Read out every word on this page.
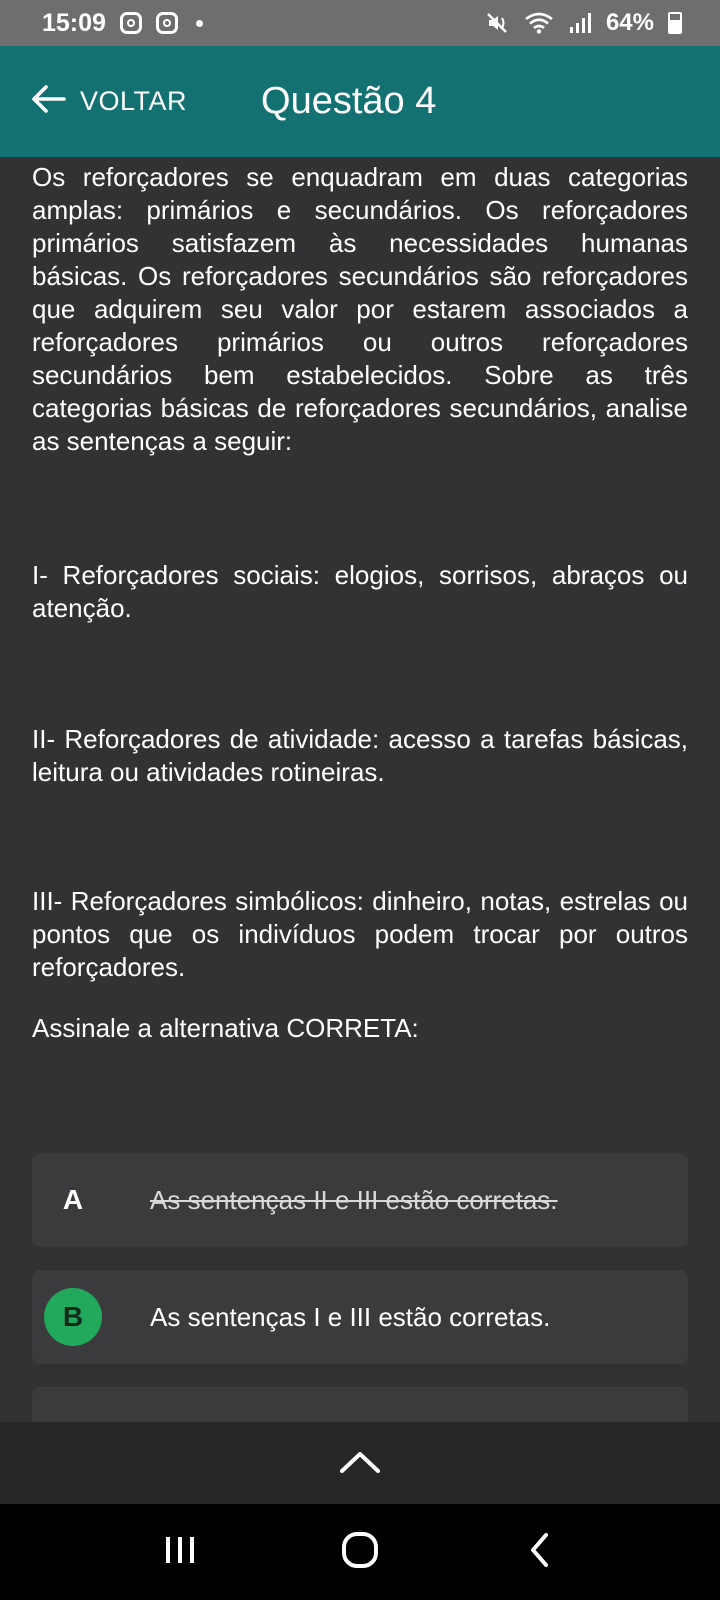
15:09	64%
VOLTAR Questão 4

Os reforçadores se enquadram em duas categorias amplas: primários e secundários. Os reforçadores primários satisfazem às necessidades humanas básicas. Os reforçadores secundários são reforçadores que adquirem seu valor por estarem associados a reforçadores primários ou outros reforçadores secundários bem estabelecidos. Sobre as três categorias básicas de reforçadores secundários, analise as sentenças a seguir:

I- Reforçadores sociais: elogios, sorrisos, abraços ou atenção.

II- Reforçadores de atividade: acesso a tarefas básicas, leitura ou atividades rotineiras.

III- Reforçadores simbólicos: dinheiro, notas, estrelas ou pontos que os indivíduos podem trocar por outros reforçadores.

Assinale a alternativa CORRETA:

A	As sentenças II e III estão corretas.
B	As sentenças I e III estão corretas.
